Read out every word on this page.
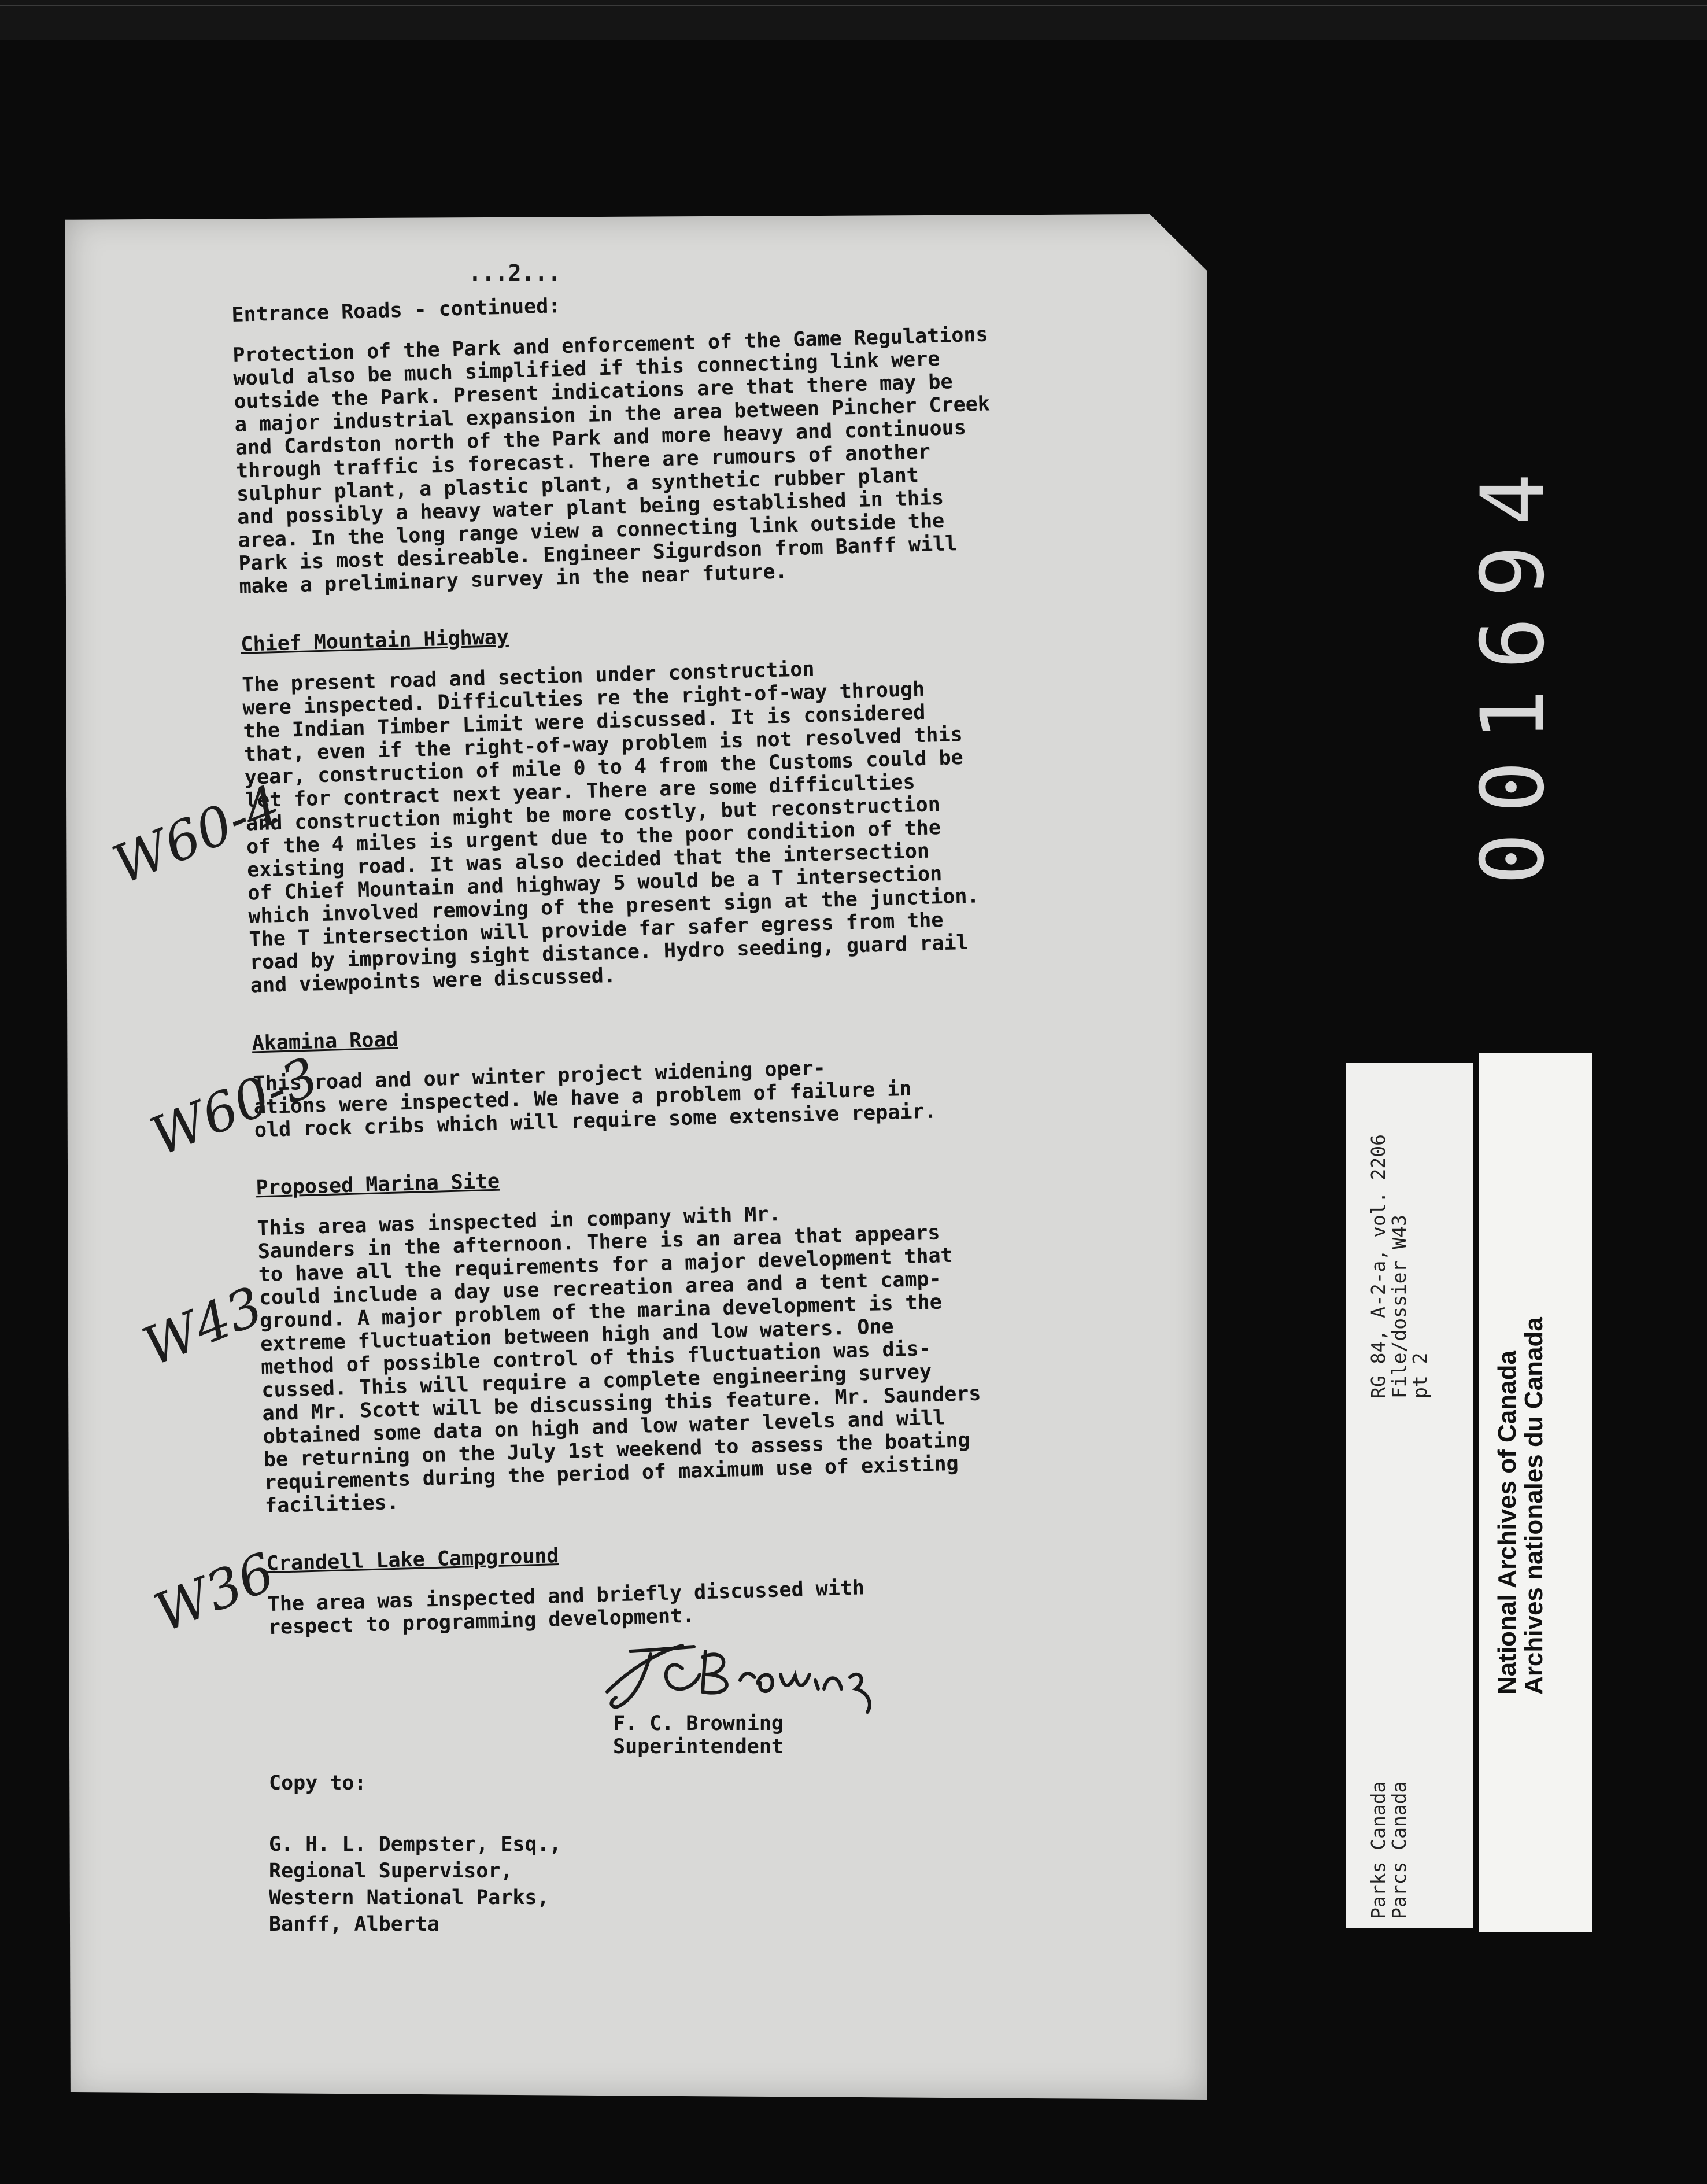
...2...

Entrance Roads - continued:

Protection of the Park and enforcement of the Game Regulations
would also be much simplified if this connecting link were
outside the Park. Present indications are that there may be
a major industrial expansion in the area between Pincher Creek
and Cardston north of the Park and more heavy and continuous
through traffic is forecast. There are rumours of another
sulphur plant, a plastic plant, a synthetic rubber plant
and possibly a heavy water plant being established in this
area. In the long range view a connecting link outside the
Park is most desireable. Engineer Sigurdson from Banff will
make a preliminary survey in the near future.

Chief Mountain Highway

The present road and section under construction
were inspected. Difficulties re the right-of-way through
the Indian Timber Limit were discussed. It is considered
that, even if the right-of-way problem is not resolved this
year, construction of mile 0 to 4 from the Customs could be
let for contract next year. There are some difficulties
and construction might be more costly, but reconstruction
of the 4 miles is urgent due to the poor condition of the
existing road. It was also decided that the intersection
of Chief Mountain and highway 5 would be a T intersection
which involved removing of the present sign at the junction.
The T intersection will provide far safer egress from the
road by improving sight distance. Hydro seeding, guard rail
and viewpoints were discussed.

Akamina Road

This road and our winter project widening oper-
ations were inspected. We have a problem of failure in
old rock cribs which will require some extensive repair.

Proposed Marina Site

This area was inspected in company with Mr.
Saunders in the afternoon. There is an area that appears
to have all the requirements for a major development that
could include a day use recreation area and a tent camp-
ground. A major problem of the marina development is the
extreme fluctuation between high and low waters. One
method of possible control of this fluctuation was dis-
cussed. This will require a complete engineering survey
and Mr. Scott will be discussing this feature. Mr. Saunders
obtained some data on high and low water levels and will
be returning on the July 1st weekend to assess the boating
requirements during the period of maximum use of existing
facilities.

Crandell Lake Campground

The area was inspected and briefly discussed with
respect to programming development.

W60-4
W60-3
W43
W36
F. C. Browning
Superintendent
Copy to:
G. H. L. Dempster, Esq.,
Regional Supervisor,
Western National Parks,
Banff, Alberta
RG 84, A-2-a, vol. 2206
File/dossier W43
pt 2
Parks Canada
Parcs Canada
National Archives of Canada
Archives nationales du Canada
001694
